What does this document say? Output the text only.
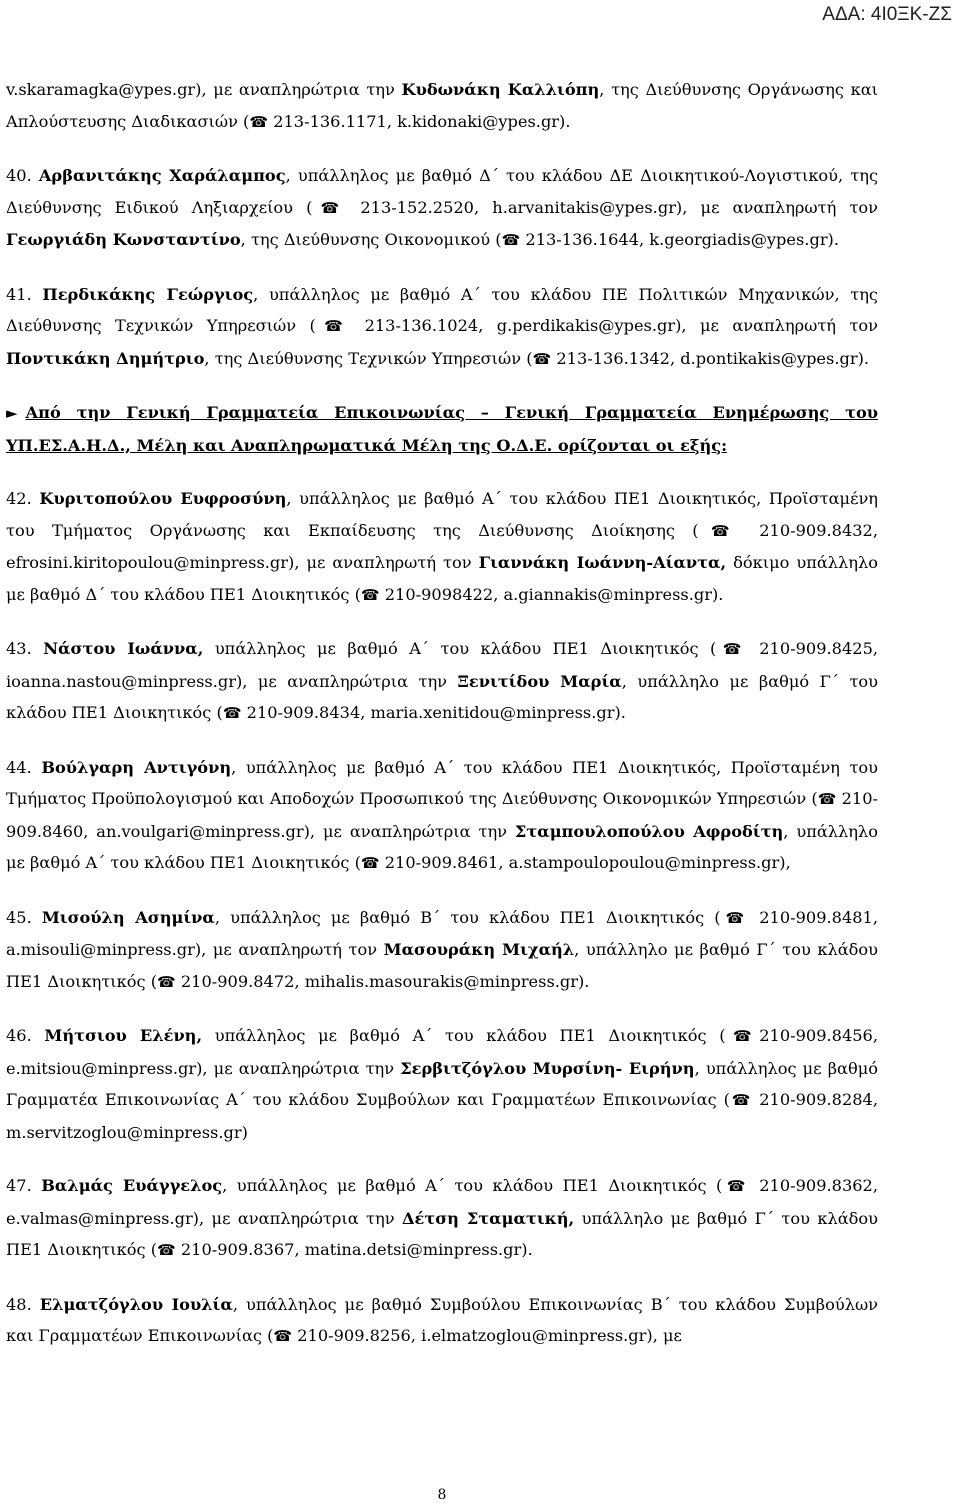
ΑΔΑ: 4Ι0ΞΚ-ΖΣ

v.skaramagka@ypes.gr), με αναπληρώτρια την Κυδωνάκη Καλλιόπη, της Διεύθυνσης Οργάνωσης και Απλούστευσης Διαδικασιών (☎ 213-136.1171, k.kidonaki@ypes.gr).

40. Αρβανιτάκης Χαράλαμπος, υπάλληλος με βαθμό Δ΄ του κλάδου ΔΕ Διοικητικού-Λογιστικού, της Διεύθυνσης Ειδικού Ληξιαρχείου (☎ 213-152.2520, h.arvanitakis@ypes.gr), με αναπληρωτή τον Γεωργιάδη Κωνσταντίνο, της Διεύθυνσης Οικονομικού (☎ 213-136.1644, k.georgiadis@ypes.gr).

41. Περδικάκης Γεώργιος, υπάλληλος με βαθμό Α΄ του κλάδου ΠΕ Πολιτικών Μηχανικών, της Διεύθυνσης Τεχνικών Υπηρεσιών (☎ 213-136.1024, g.perdikakis@ypes.gr), με αναπληρωτή τον Ποντικάκη Δημήτριο, της Διεύθυνσης Τεχνικών Υπηρεσιών (☎ 213-136.1342, d.pontikakis@ypes.gr).

► Από την Γενική Γραμματεία Επικοινωνίας – Γενική Γραμματεία Ενημέρωσης του ΥΠ.ΕΣ.Α.Η.Δ., Μέλη και Αναπληρωματικά Μέλη της Ο.Δ.Ε. ορίζονται οι εξής:

42. Κυριτοπούλου Ευφροσύνη, υπάλληλος με βαθμό Α΄ του κλάδου ΠΕ1 Διοικητικός, Προϊσταμένη του Τμήματος Οργάνωσης και Εκπαίδευσης της Διεύθυνσης Διοίκησης (☎ 210-909.8432, efrosini.kiritopoulou@minpress.gr), με αναπληρωτή τον Γιαννάκη Ιωάννη-Αίαντα, δόκιμο υπάλληλο με βαθμό Δ΄ του κλάδου ΠΕ1 Διοικητικός (☎ 210-9098422, a.giannakis@minpress.gr).

43. Νάστου Ιωάννα, υπάλληλος με βαθμό Α΄ του κλάδου ΠΕ1 Διοικητικός (☎ 210-909.8425, ioanna.nastou@minpress.gr), με αναπληρώτρια την Ξενιτίδου Μαρία, υπάλληλο με βαθμό Γ΄ του κλάδου ΠΕ1 Διοικητικός (☎ 210-909.8434, maria.xenitidou@minpress.gr).

44. Βούλγαρη Αντιγόνη, υπάλληλος με βαθμό Α΄ του κλάδου ΠΕ1 Διοικητικός, Προϊσταμένη του Τμήματος Προϋπολογισμού και Αποδοχών Προσωπικού της Διεύθυνσης Οικονομικών Υπηρεσιών (☎ 210-909.8460, an.voulgari@minpress.gr), με αναπληρώτρια την Σταμπουλοπούλου Αφροδίτη, υπάλληλο με βαθμό Α΄ του κλάδου ΠΕ1 Διοικητικός (☎ 210-909.8461, a.stampoulopoulou@minpress.gr),

45. Μισούλη Ασημίνα, υπάλληλος με βαθμό Β΄ του κλάδου ΠΕ1 Διοικητικός (☎ 210-909.8481, a.misouli@minpress.gr), με αναπληρωτή τον Μασουράκη Μιχαήλ, υπάλληλο με βαθμό Γ΄ του κλάδου ΠΕ1 Διοικητικός (☎ 210-909.8472, mihalis.masourakis@minpress.gr).

46. Μήτσιου Ελένη, υπάλληλος με βαθμό Α΄ του κλάδου ΠΕ1 Διοικητικός (☎210-909.8456, e.mitsiou@minpress.gr), με αναπληρώτρια την Σερβιτζόγλου Μυρσίνη- Ειρήνη, υπάλληλος με βαθμό Γραμματέα Επικοινωνίας Α΄ του κλάδου Συμβούλων και Γραμματέων Επικοινωνίας (☎ 210-909.8284, m.servitzoglou@minpress.gr)

47. Βαλμάς Ευάγγελος, υπάλληλος με βαθμό Α΄ του κλάδου ΠΕ1 Διοικητικός (☎ 210-909.8362, e.valmas@minpress.gr), με αναπληρώτρια την Δέτση Σταματική, υπάλληλο με βαθμό Γ΄ του κλάδου ΠΕ1 Διοικητικός (☎ 210-909.8367, matina.detsi@minpress.gr).

48. Ελματζόγλου Ιουλία, υπάλληλος με βαθμό Συμβούλου Επικοινωνίας Β΄ του κλάδου Συμβούλων και Γραμματέων Επικοινωνίας (☎ 210-909.8256, i.elmatzoglou@minpress.gr), με

8
